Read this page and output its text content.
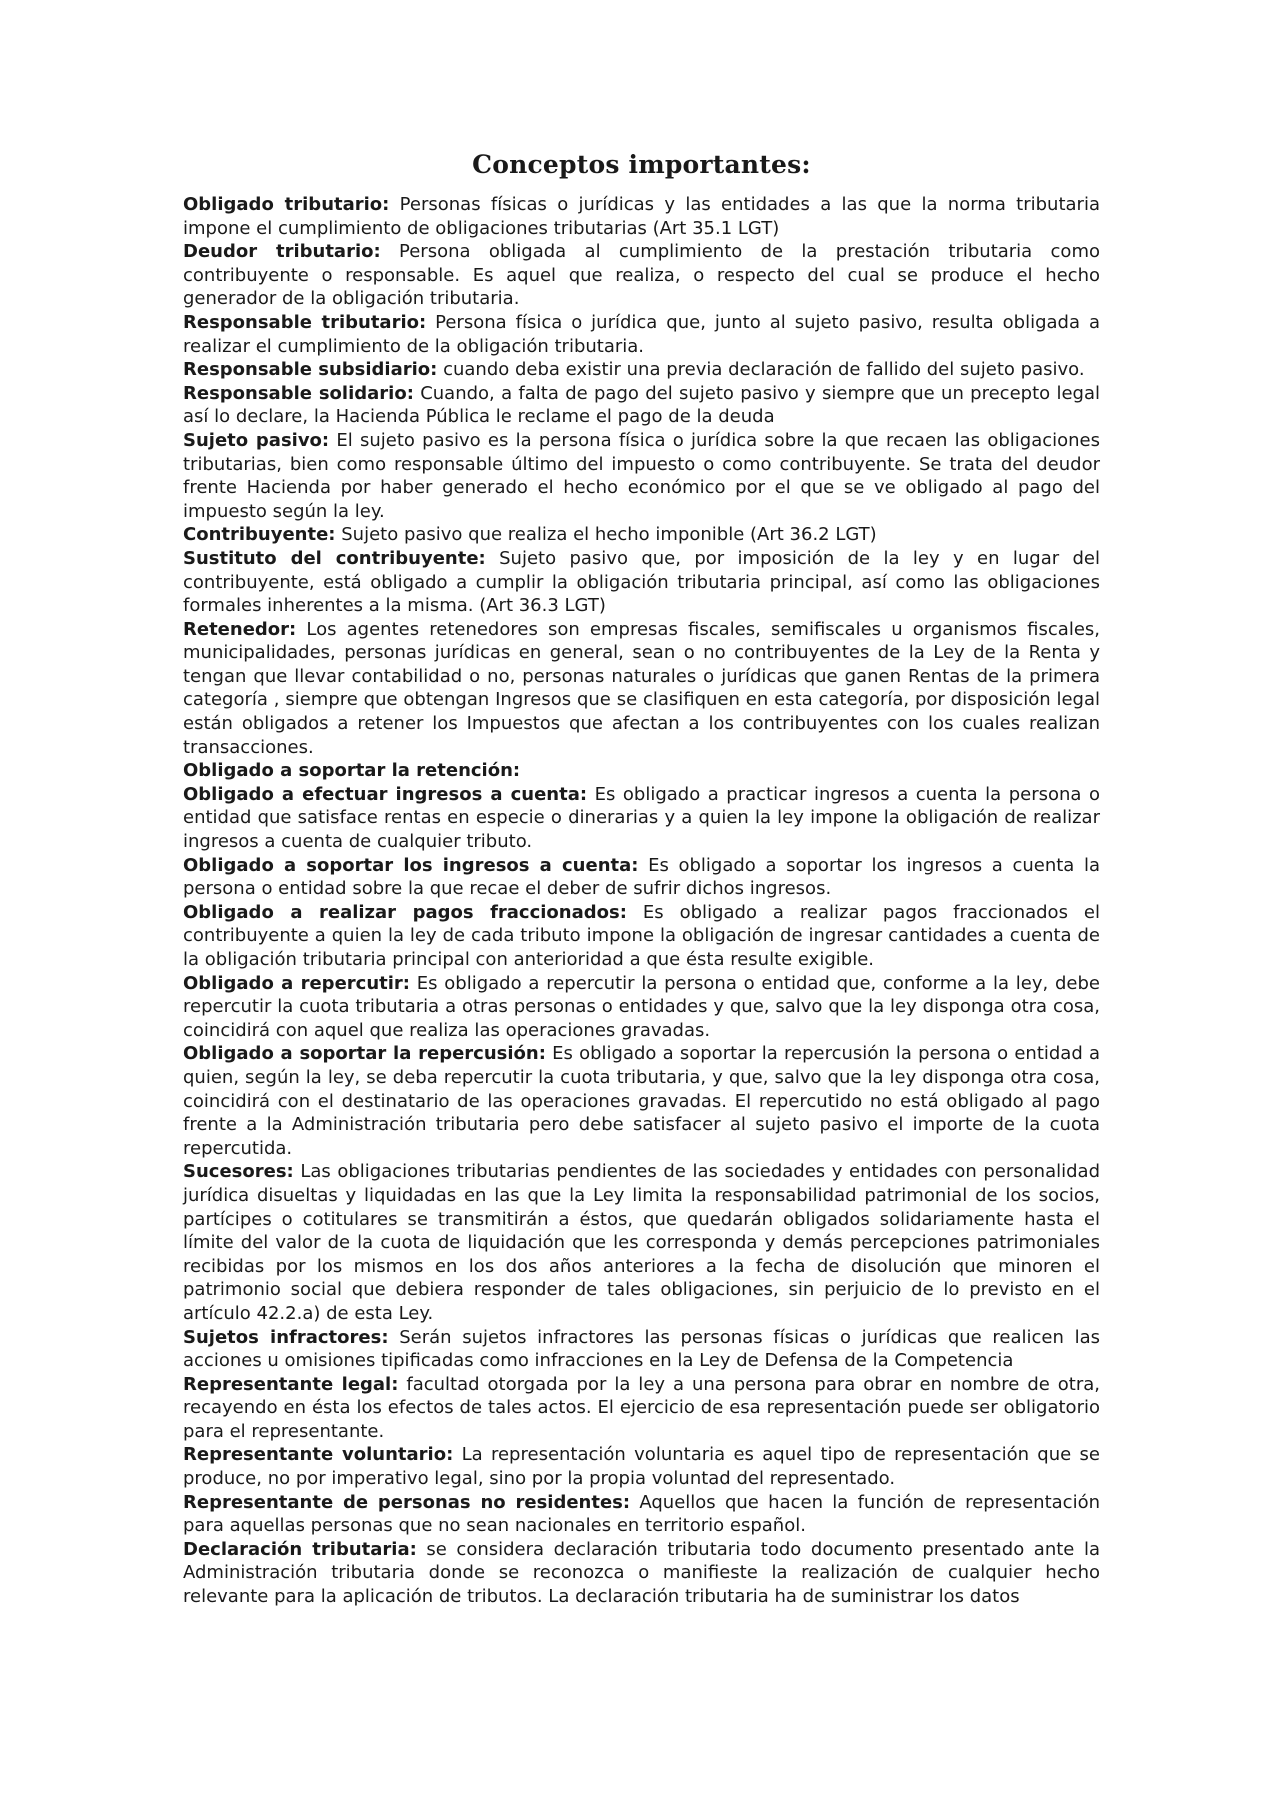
Conceptos importantes:

Obligado tributario: Personas físicas o jurídicas y las entidades a las que la norma tributaria impone el cumplimiento de obligaciones tributarias (Art 35.1 LGT)

Deudor tributario: Persona obligada al cumplimiento de la prestación tributaria como contribuyente o responsable. Es aquel que realiza, o respecto del cual se produce el hecho generador de la obligación tributaria.

Responsable tributario: Persona física o jurídica que, junto al sujeto pasivo, resulta obligada a realizar el cumplimiento de la obligación tributaria.

Responsable subsidiario: cuando deba existir una previa declaración de fallido del sujeto pasivo.

Responsable solidario: Cuando, a falta de pago del sujeto pasivo y siempre que un precepto legal así lo declare, la Hacienda Pública le reclame el pago de la deuda

Sujeto pasivo: El sujeto pasivo es la persona física o jurídica sobre la que recaen las obligaciones tributarias, bien como responsable último del impuesto o como contribuyente. Se trata del deudor frente Hacienda por haber generado el hecho económico por el que se ve obligado al pago del impuesto según la ley.

Contribuyente: Sujeto pasivo que realiza el hecho imponible (Art 36.2 LGT)

Sustituto del contribuyente: Sujeto pasivo que, por imposición de la ley y en lugar del contribuyente, está obligado a cumplir la obligación tributaria principal, así como las obligaciones formales inherentes a la misma. (Art 36.3 LGT)

Retenedor: Los agentes retenedores son empresas fiscales, semifiscales u organismos fiscales, municipalidades, personas jurídicas en general, sean o no contribuyentes de la Ley de la Renta y tengan que llevar contabilidad o no, personas naturales o jurídicas que ganen Rentas de la primera categoría , siempre que obtengan Ingresos que se clasifiquen en esta categoría, por disposición legal están obligados a retener los Impuestos que afectan a los contribuyentes con los cuales realizan transacciones.

Obligado a soportar la retención:

Obligado a efectuar ingresos a cuenta: Es obligado a practicar ingresos a cuenta la persona o entidad que satisface rentas en especie o dinerarias y a quien la ley impone la obligación de realizar ingresos a cuenta de cualquier tributo.

Obligado a soportar los ingresos a cuenta: Es obligado a soportar los ingresos a cuenta la persona o entidad sobre la que recae el deber de sufrir dichos ingresos.

Obligado a realizar pagos fraccionados: Es obligado a realizar pagos fraccionados el contribuyente a quien la ley de cada tributo impone la obligación de ingresar cantidades a cuenta de la obligación tributaria principal con anterioridad a que ésta resulte exigible.

Obligado a repercutir: Es obligado a repercutir la persona o entidad que, conforme a la ley, debe repercutir la cuota tributaria a otras personas o entidades y que, salvo que la ley disponga otra cosa, coincidirá con aquel que realiza las operaciones gravadas.

Obligado a soportar la repercusión: Es obligado a soportar la repercusión la persona o entidad a quien, según la ley, se deba repercutir la cuota tributaria, y que, salvo que la ley disponga otra cosa, coincidirá con el destinatario de las operaciones gravadas. El repercutido no está obligado al pago frente a la Administración tributaria pero debe satisfacer al sujeto pasivo el importe de la cuota repercutida.

Sucesores: Las obligaciones tributarias pendientes de las sociedades y entidades con personalidad jurídica disueltas y liquidadas en las que la Ley limita la responsabilidad patrimonial de los socios, partícipes o cotitulares se transmitirán a éstos, que quedarán obligados solidariamente hasta el límite del valor de la cuota de liquidación que les corresponda y demás percepciones patrimoniales recibidas por los mismos en los dos años anteriores a la fecha de disolución que minoren el patrimonio social que debiera responder de tales obligaciones, sin perjuicio de lo previsto en el artículo 42.2.a) de esta Ley.

Sujetos infractores: Serán sujetos infractores las personas físicas o jurídicas que realicen las acciones u omisiones tipificadas como infracciones en la Ley de Defensa de la Competencia

Representante legal: facultad otorgada por la ley a una persona para obrar en nombre de otra, recayendo en ésta los efectos de tales actos. El ejercicio de esa representación puede ser obligatorio para el representante.

Representante voluntario: La representación voluntaria es aquel tipo de representación que se produce, no por imperativo legal, sino por la propia voluntad del representado.

Representante de personas no residentes: Aquellos que hacen la función de representación para aquellas personas que no sean nacionales en territorio español.

Declaración tributaria: se considera declaración tributaria todo documento presentado ante la Administración tributaria donde se reconozca o manifieste la realización de cualquier hecho relevante para la aplicación de tributos. La declaración tributaria ha de suministrar los datos
